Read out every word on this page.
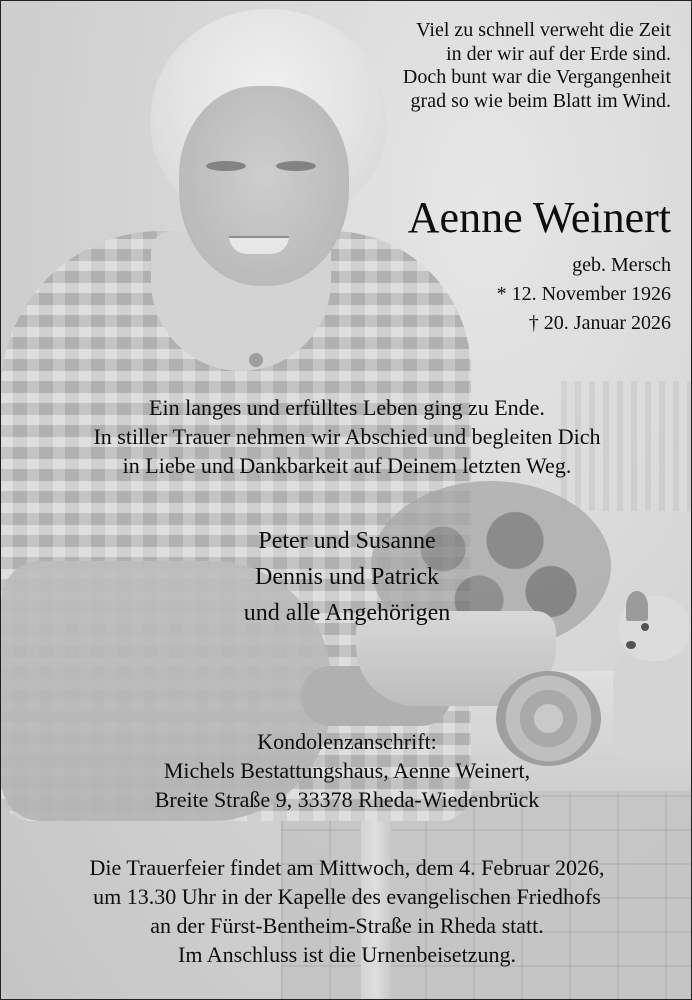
Viel zu schnell verweht die Zeit
in der wir auf der Erde sind.
Doch bunt war die Vergangenheit
grad so wie beim Blatt im Wind.
Aenne Weinert
geb. Mersch
* 12. November 1926
† 20. Januar 2026
Ein langes und erfülltes Leben ging zu Ende.
In stiller Trauer nehmen wir Abschied und begleiten Dich
in Liebe und Dankbarkeit auf Deinem letzten Weg.
Peter und Susanne
Dennis und Patrick
und alle Angehörigen
Kondolenzanschrift:
Michels Bestattungshaus, Aenne Weinert,
Breite Straße 9, 33378 Rheda-Wiedenbrück
Die Trauerfeier findet am Mittwoch, dem 4. Februar 2026,
um 13.30 Uhr in der Kapelle des evangelischen Friedhofs
an der Fürst-Bentheim-Straße in Rheda statt.
Im Anschluss ist die Urnenbeisetzung.
